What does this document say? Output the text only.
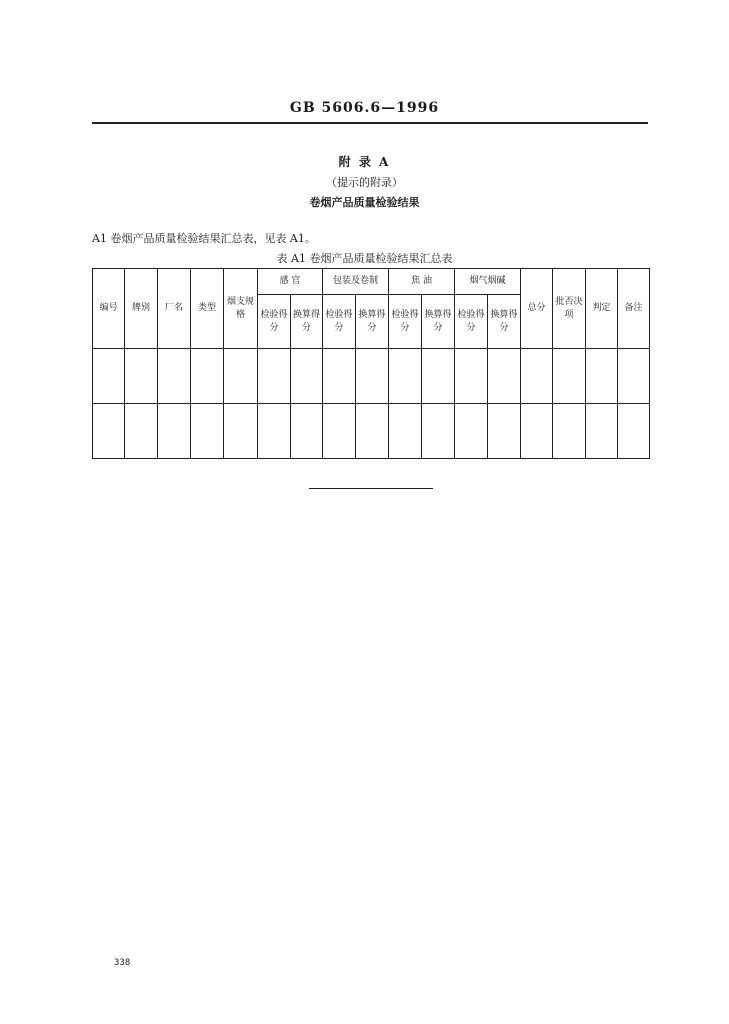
GB 5606.6—1996
附 录 A
（提示的附录）
卷烟产品质量检验结果
A1 卷烟产品质量检验结果汇总表，见表 A1。
表 A1 卷烟产品质量检验结果汇总表
编号	牌别	厂名	类型	烟支规格	感 官		包装及卷制		焦 油		烟气烟碱		总分	批否决项	判定	备注
					检验得分	换算得分	检验得分	换算得分	检验得分	换算得分	检验得分	换算得分				

338
